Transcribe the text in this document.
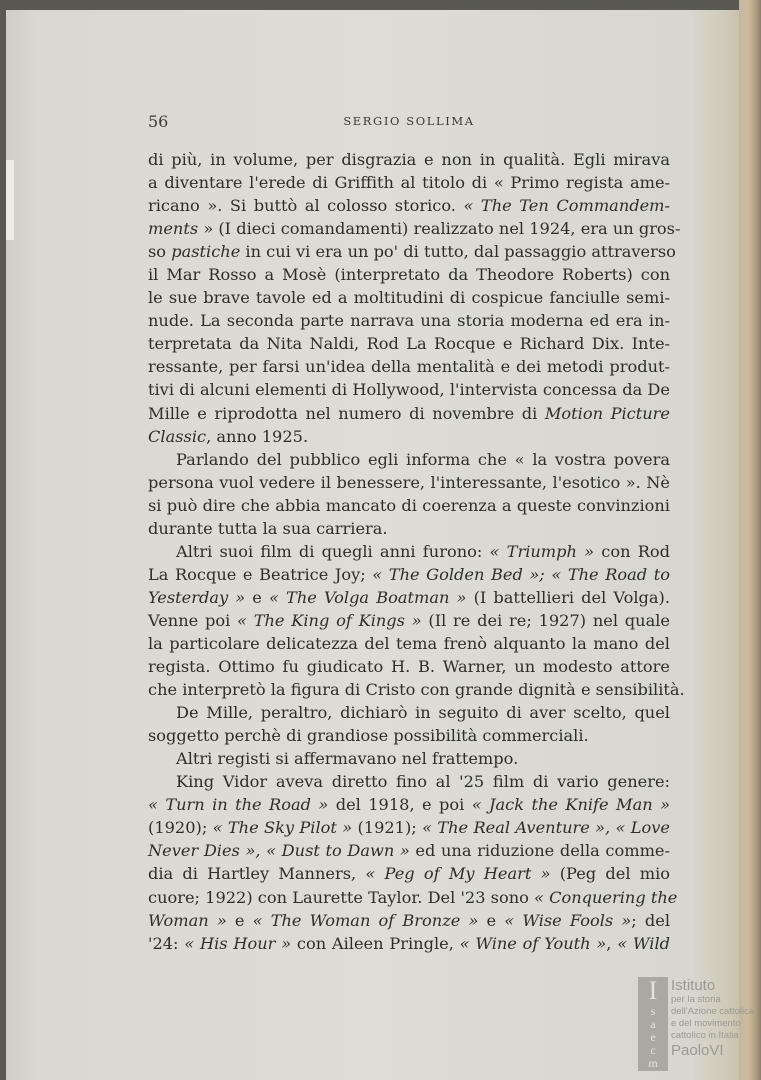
56	SERGIO SOLLIMA
di più, in volume, per disgrazia e non in qualità. Egli mirava
a diventare l'erede di Griffith al titolo di « Primo regista ame-
ricano ». Si buttò al colosso storico. « The Ten Commandem-
ments » (I dieci comandamenti) realizzato nel 1924, era un gros-
so pastiche in cui vi era un po' di tutto, dal passaggio attraverso
il Mar Rosso a Mosè (interpretato da Theodore Roberts) con
le sue brave tavole ed a moltitudini di cospicue fanciulle semi-
nude. La seconda parte narrava una storia moderna ed era in-
terpretata da Nita Naldi, Rod La Rocque e Richard Dix. Inte-
ressante, per farsi un'idea della mentalità e dei metodi produt-
tivi di alcuni elementi di Hollywood, l'intervista concessa da De
Mille e riprodotta nel numero di novembre di Motion Picture
Classic, anno 1925.
Parlando del pubblico egli informa che « la vostra povera
persona vuol vedere il benessere, l'interessante, l'esotico ». Nè
si può dire che abbia mancato di coerenza a queste convinzioni
durante tutta la sua carriera.
Altri suoi film di quegli anni furono: « Triumph » con Rod
La Rocque e Beatrice Joy; « The Golden Bed »; « The Road to
Yesterday » e « The Volga Boatman » (I battellieri del Volga).
Venne poi « The King of Kings » (Il re dei re; 1927) nel quale
la particolare delicatezza del tema frenò alquanto la mano del
regista. Ottimo fu giudicato H. B. Warner, un modesto attore
che interpretò la figura di Cristo con grande dignità e sensibilità.
De Mille, peraltro, dichiarò in seguito di aver scelto, quel
soggetto perchè di grandiose possibilità commerciali.
Altri registi si affermavano nel frattempo.
King Vidor aveva diretto fino al '25 film di vario genere:
« Turn in the Road » del 1918, e poi « Jack the Knife Man »
(1920); « The Sky Pilot » (1921); « The Real Aventure », « Love
Never Dies », « Dust to Dawn » ed una riduzione della comme-
dia di Hartley Manners, « Peg of My Heart » (Peg del mio
cuore; 1922) con Laurette Taylor. Del '23 sono « Conquering the
Woman » e « The Woman of Bronze » e « Wise Fools »; del
'24: « His Hour » con Aileen Pringle, « Wine of Youth », « Wild
I
s
a
e
c
m
Istituto
per la storia
dell'Azione cattolica
e del movimento
cattolico in Italia
PaoloVI
